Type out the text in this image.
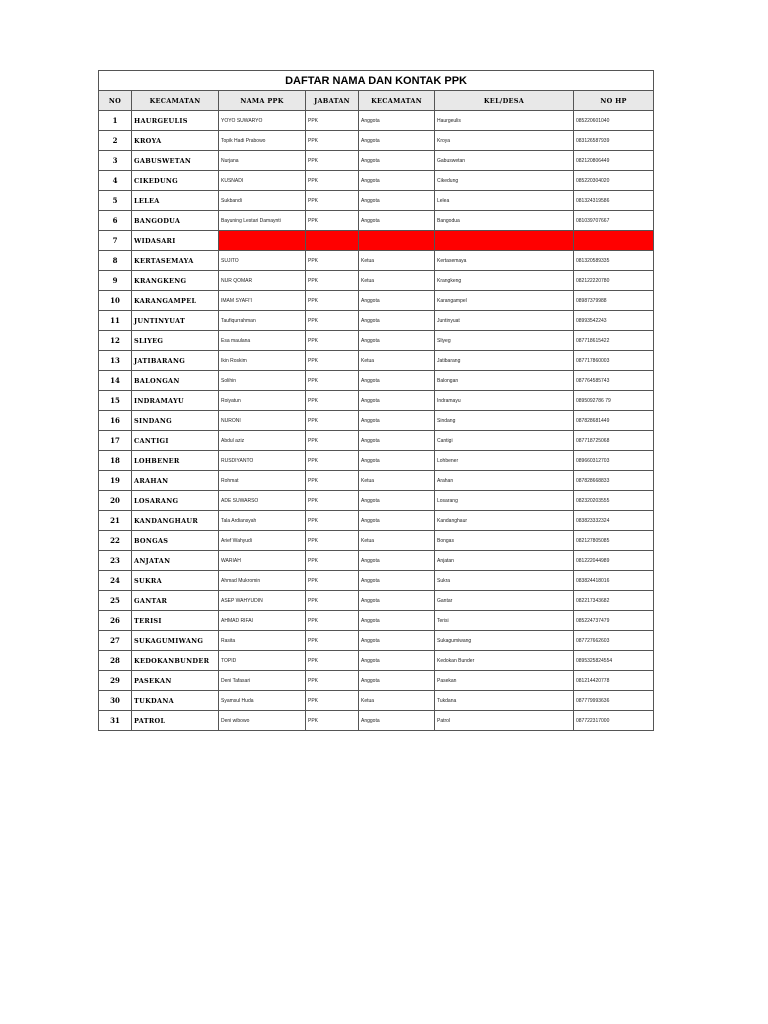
DAFTAR NAMA DAN KONTAK PPK						
NO	KECAMATAN	NAMA PPK	JABATAN	KECAMATAN	KEL/DESA	NO HP
1	HAURGEULIS	YOYO SUWARYO	PPK	Anggota	Haurgeulis	085220601040
2	KROYA	Topik Hadi Prabowo	PPK	Anggota	Kroya	083126587939
3	GABUSWETAN	Nurjana	PPK	Anggota	Gabuswetan	082120806449
4	CIKEDUNG	KUSNADI	PPK	Anggota	Cikedung	085220304020
5	LELEA	Sukbandi	PPK	Anggota	Lelea	081324319586
6	BANGODUA	Bayuning Lestari Damaynti	PPK	Anggota	Bangodua	081039707667
7	WIDASARI					
8	KERTASEMAYA	SUJITO	PPK	Ketua	Kertasemaya	081320589335
9	KRANGKENG	NUR QOMAR	PPK	Ketua	Krangkeng	082122220780
10	KARANGAMPEL	IMAM SYAFI'I	PPK	Anggota	Karangampel	08987379988
11	JUNTINYUAT	Taufiqurrahman	PPK	Anggota	Juntinyuat	08993542243
12	SLIYEG	Esa maulana	PPK	Anggota	Sliyeg	087718615422
13	JATIBARANG	Ikin Roskim	PPK	Ketua	Jatibarang	087717860003
14	BALONGAN	Solihin	PPK	Anggota	Balongan	087764585743
15	INDRAMAYU	Roiyatun	PPK	Anggota	Indramayu	0895092786 79
16	SINDANG	NURONI	PPK	Anggota	Sindang	087828681449
17	CANTIGI	Abdul aziz	PPK	Anggota	Cantigi	087718725068
18	LOHBENER	RUSDIYANTO	PPK	Anggota	Lohbener	089660312703
19	ARAHAN	Rohmat	PPK	Ketua	Arahan	087828668833
20	LOSARANG	ADE SUWARSO	PPK	Anggota	Losarang	082320203555
21	KANDANGHAUR	Tala Ardiansyah	PPK	Anggota	Kandanghaur	083823332324
22	BONGAS	Arief Wahyudi	PPK	Ketua	Bongas	082127805085
23	ANJATAN	WARIAH	PPK	Anggota	Anjatan	081222044989
24	SUKRA	Ahmad Mukromin	PPK	Anggota	Sukra	083824418016
25	GANTAR	ASEP WAHYUDIN	PPK	Anggota	Gantar	082217343682
26	TERISI	AHMAD RIFAI	PPK	Anggota	Terisi	085224737479
27	SUKAGUMIWANG	Rasita	PPK	Anggota	Sukagumiwang	087727662603
28	KEDOKANBUNDER	TOPID	PPK	Anggota	Kedokan Bunder	0895325824554
29	PASEKAN	Deni Tafasari	PPK	Anggota	Pasekan	081214420778
30	TUKDANA	Syamsul Huda	PPK	Ketua	Tukdana	087779993636
31	PATROL	Deni wibowo	PPK	Anggota	Patrol	087722317000
